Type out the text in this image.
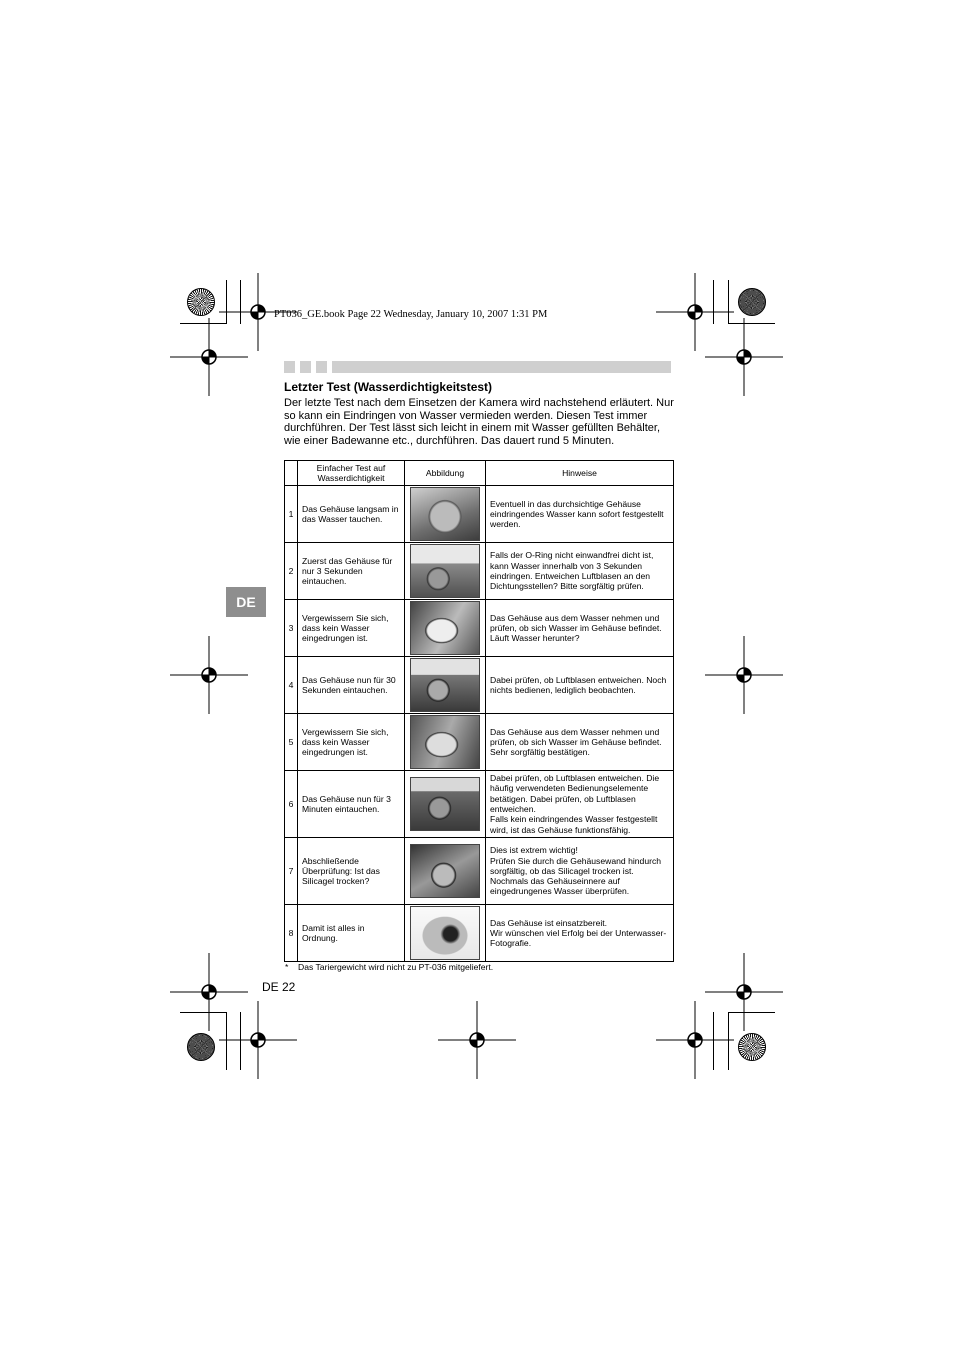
PT036_GE.book Page 22 Wednesday, January 10, 2007 1:31 PM
Letzter Test (Wasserdichtigkeitstest)
Der letzte Test nach dem Einsetzen der Kamera wird nachstehend erläutert. Nur so kann ein Eindringen von Wasser vermieden werden. Diesen Test immer durchführen. Der Test lässt sich leicht in einem mit Wasser gefüllten Behälter, wie einer Badewanne etc., durchführen. Das dauert rund 5 Minuten.
DE
	Einfacher Test auf Wasserdichtigkeit	Abbildung	Hinweise
1	Das Gehäuse langsam in das Wasser tauchen.		Eventuell in das durchsichtige Gehäuse eindringendes Wasser kann sofort festgestellt werden.
2	Zuerst das Gehäuse für nur 3 Sekunden eintauchen.		Falls der O-Ring nicht einwandfrei dicht ist, kann Wasser innerhalb von 3 Sekunden eindringen. Entweichen Luftblasen an den Dichtungsstellen? Bitte sorgfältig prüfen.
3	Vergewissern Sie sich, dass kein Wasser eingedrungen ist.		Das Gehäuse aus dem Wasser nehmen und prüfen, ob sich Wasser im Gehäuse befindet.
Läuft Wasser herunter?
4	Das Gehäuse nun für 30 Sekunden eintauchen.		Dabei prüfen, ob Luftblasen entweichen. Noch nichts bedienen, lediglich beobachten.
5	Vergewissern Sie sich, dass kein Wasser eingedrungen ist.		Das Gehäuse aus dem Wasser nehmen und prüfen, ob sich Wasser im Gehäuse befindet.
Sehr sorgfältig bestätigen.
6	Das Gehäuse nun für 3 Minuten eintauchen.		Dabei prüfen, ob Luftblasen entweichen. Die häufig verwendeten Bedienungselemente betätigen. Dabei prüfen, ob Luftblasen entweichen.
Falls kein eindringendes Wasser festgestellt wird, ist das Gehäuse funktionsfähig.
7	Abschließende Überprüfung: Ist das Silicagel trocken?		Dies ist extrem wichtig!
Prüfen Sie durch die Gehäusewand hindurch sorgfältig, ob das Silicagel trocken ist.
Nochmals das Gehäuseinnere auf eingedrungenes Wasser überprüfen.
8	Damit ist alles in Ordnung.		Das Gehäuse ist einsatzbereit.
Wir wünschen viel Erfolg bei der Unterwasser-Fotografie.
* Das Tariergewicht wird nicht zu PT-036 mitgeliefert.
DE 22
